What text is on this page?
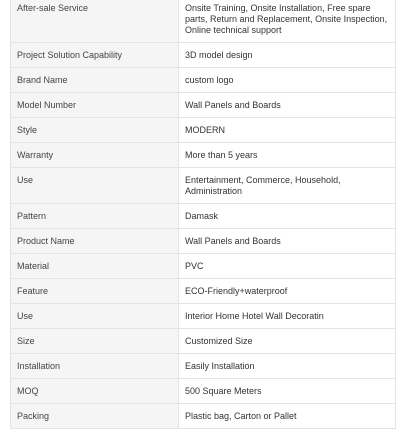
After-sale Service	Onsite Training, Onsite Installation, Free spare parts, Return and Replacement, Onsite Inspection, Online technical support
Project Solution Capability	3D model design
Brand Name	custom logo
Model Number	Wall Panels and Boards
Style	MODERN
Warranty	More than 5 years
Use	Entertainment, Commerce, Household, Administration
Pattern	Damask
Product Name	Wall Panels and Boards
Material	PVC
Feature	ECO-Friendly+waterproof
Use	Interior Home Hotel Wall Decoratin
Size	Customized Size
Installation	Easily Installation
MOQ	500 Square Meters
Packing	Plastic bag, Carton or Pallet
